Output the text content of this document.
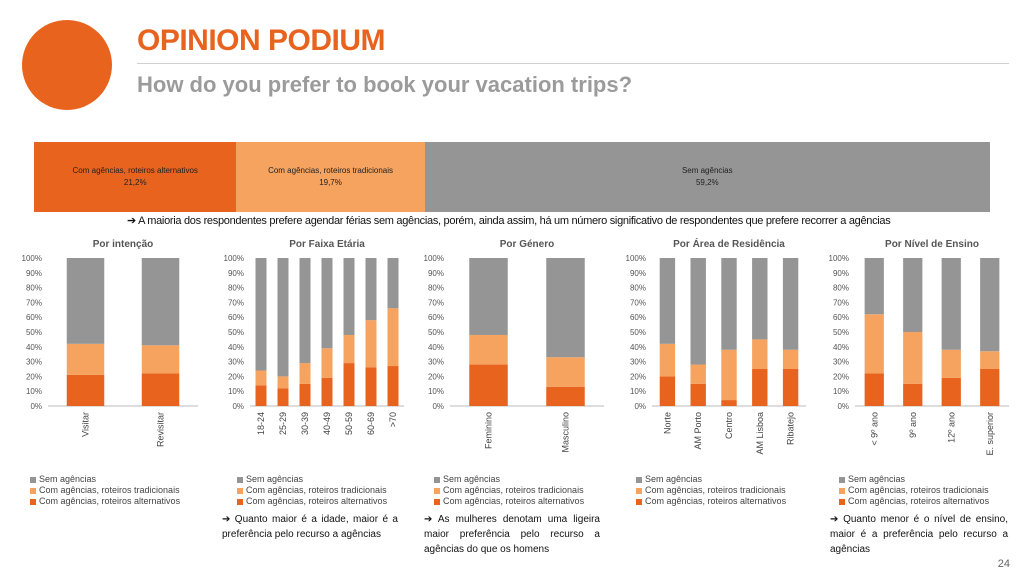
OPINION PODIUM
How do you prefer to book your vacation trips?
Com agências, roteiros alternativos
21,2%
Com agências, roteiros tradicionais
19,7%
Sem agências
59,2%
➔ A maioria dos respondentes prefere agendar férias sem agências, porém, ainda assim, há um número significativo de respondentes que prefere recorrer a agências
Por intenção
0%
10%
20%
30%
40%
50%
60%
70%
80%
90%
100%
Visitar	Revisitar
Por Faixa Etária
0%
10%
20%
30%
40%
50%
60%
70%
80%
90%
100%
18-24 25-29 30-39 40-49 50-59 60-69 >70
Por Género
0%
10%
20%
30%
40%
50%
60%
70%
80%
90%
100%
Feminino	Masculino
Por Área de Residência
0%
10%
20%
30%
40%
50%
60%
70%
80%
90%
100%
Norte AM Porto Centro AM Lisboa Ribatejo
Por Nível de Ensino
0%
10%
20%
30%
40%
50%
60%
70%
80%
90%
100%
< 9º ano	9º ano	12º ano	E. superior
Sem agências
Com agências, roteiros tradicionais
Com agências, roteiros alternativos
Sem agências
Com agências, roteiros tradicionais
Com agências, roteiros alternativos
Sem agências
Com agências, roteiros tradicionais
Com agências, roteiros alternativos
Sem agências
Com agências, roteiros tradicionais
Com agências, roteiros alternativos
Sem agências
Com agências, roteiros tradicionais
Com agências, roteiros alternativos
➔ Quanto maior é a idade, maior é a preferência pelo recurso a agências
➔ As mulheres denotam uma ligeira maior preferência pelo recurso a agências do que os homens
➔ Quanto menor é o nível de ensino, maior é a preferência pelo recurso a agências
24
